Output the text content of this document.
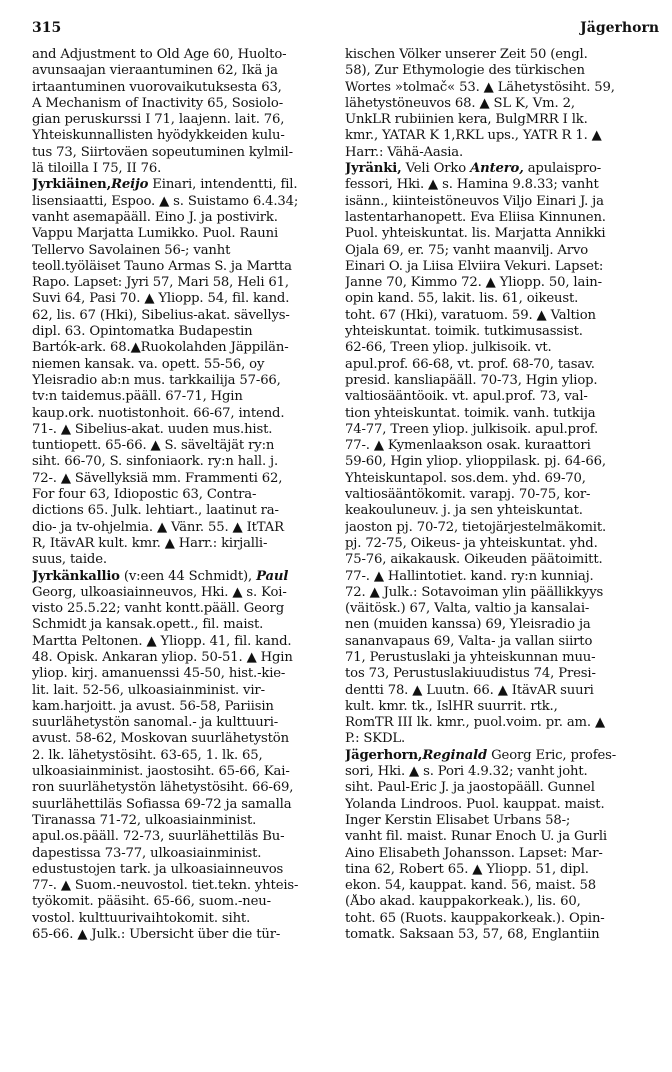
315	Jägerhorn
and Adjustment to Old Age 60, Huolto-
avunsaajan vieraantuminen 62, Ikä ja
irtaantuminen vuorovaikutuksesta 63,
A Mechanism of Inactivity 65, Sosiolo-
gian peruskurssi I 71, laajenn. lait. 76,
Yhteiskunnallisten hyödykkeiden kulu-
tus 73, Siirtoväen sopeutuminen kylmil-
lä tiloilla I 75, II 76.
Jyrkiäinen,Reijo Einari, intendentti, fil.
lisensiaatti, Espoo. ▲ s. Suistamo 6.4.34;
vanht asemapääll. Eino J. ja postivirk.
Vappu Marjatta Lumikko. Puol. Rauni
Tellervo Savolainen 56-; vanht
teoll.työläiset Tauno Armas S. ja Martta
Rapo. Lapset: Jyri 57, Mari 58, Heli 61,
Suvi 64, Pasi 70. ▲ Yliopp. 54, fil. kand.
62, lis. 67 (Hki), Sibelius-akat. sävellys-
dipl. 63. Opintomatka Budapestin
Bartók-ark. 68.▲Ruokolahden Jäppilän-
niemen kansak. va. opett. 55-56, oy
Yleisradio ab:n mus. tarkkailija 57-66,
tv:n taidemus.pääll. 67-71, Hgin
kaup.ork. nuotistonhoit. 66-67, intend.
71-. ▲ Sibelius-akat. uuden mus.hist.
tuntiopett. 65-66. ▲ S. säveltäjät ry:n
siht. 66-70, S. sinfoniaork. ry:n hall. j.
72-. ▲ Sävellyksiä mm. Frammenti 62,
For four 63, Idiopostic 63, Contra-
dictions 65. Julk. lehtiart., laatinut ra-
dio- ja tv-ohjelmia. ▲ Vänr. 55. ▲ ItTAR
R, ItävAR kult. kmr. ▲ Harr.: kirjalli-
suus, taide.
Jyrkänkallio (v:een 44 Schmidt), Paul
Georg, ulkoasiainneuvos, Hki. ▲ s. Koi-
visto 25.5.22; vanht kontt.pääll. Georg
Schmidt ja kansak.opett., fil. maist.
Martta Peltonen. ▲ Yliopp. 41, fil. kand.
48. Opisk. Ankaran yliop. 50-51. ▲ Hgin
yliop. kirj. amanuenssi 45-50, hist.-kie-
lit. lait. 52-56, ulkoasiainminist. vir-
kam.harjoitt. ja avust. 56-58, Pariisin
suurlähetystön sanomal.- ja kulttuuri-
avust. 58-62, Moskovan suurlähetystön
2. lk. lähetystösiht. 63-65, 1. lk. 65,
ulkoasiainminist. jaostosiht. 65-66, Kai-
ron suurlähetystön lähetystösiht. 66-69,
suurlähettiläs Sofiassa 69-72 ja samalla
Tiranassa 71-72, ulkoasiainminist.
apul.os.pääll. 72-73, suurlähettiläs Bu-
dapestissa 73-77, ulkoasiainminist.
edustustojen tark. ja ulkoasiainneuvos
77-. ▲ Suom.-neuvostol. tiet.tekn. yhteis-
työkomit. pääsiht. 65-66, suom.-neu-
vostol. kulttuurivaihtokomit. siht.
65-66. ▲ Julk.: Übersicht über die tür-
kischen Völker unserer Zeit 50 (engl.
58), Zur Ethymologie des türkischen
Wortes »tolmač« 53. ▲ Lähetystösiht. 59,
lähetystöneuvos 68. ▲ SL K, Vm. 2,
UnkLR rubiinien kera, BulgMRR I lk.
kmr., YATAR K 1,RKL ups., YATR R 1. ▲
Harr.: Vähä-Aasia.
Jyränki, Veli Orko Antero, apulaispro-
fessori, Hki. ▲ s. Hamina 9.8.33; vanht
isänn., kiinteistöneuvos Viljo Einari J. ja
lastentarhanopett. Eva Eliisa Kinnunen.
Puol. yhteiskuntat. lis. Marjatta Annikki
Ojala 69, er. 75; vanht maanvilj. Arvo
Einari O. ja Liisa Elviira Vekuri. Lapset:
Janne 70, Kimmo 72. ▲ Yliopp. 50, lain-
opin kand. 55, lakit. lis. 61, oikeust.
toht. 67 (Hki), varatuom. 59. ▲ Valtion
yhteiskuntat. toimik. tutkimusassist.
62-66, Treen yliop. julkisoik. vt.
apul.prof. 66-68, vt. prof. 68-70, tasav.
presid. kansliapääll. 70-73, Hgin yliop.
valtiosääntöoik. vt. apul.prof. 73, val-
tion yhteiskuntat. toimik. vanh. tutkija
74-77, Treen yliop. julkisoik. apul.prof.
77-. ▲ Kymenlaakson osak. kuraattori
59-60, Hgin yliop. ylioppilask. pj. 64-66,
Yhteiskuntapol. sos.dem. yhd. 69-70,
valtiosääntökomit. varapj. 70-75, kor-
keakouluneuv. j. ja sen yhteiskuntat.
jaoston pj. 70-72, tietojärjestelmäkomit.
pj. 72-75, Oikeus- ja yhteiskuntat. yhd.
75-76, aikakausk. Oikeuden päätoimitt.
77-. ▲ Hallintotiet. kand. ry:n kunniaj.
72. ▲ Julk.: Sotavoiman ylin päällikkyys
(väitösk.) 67, Valta, valtio ja kansalai-
nen (muiden kanssa) 69, Yleisradio ja
sananvapaus 69, Valta- ja vallan siirto
71, Perustuslaki ja yhteiskunnan muu-
tos 73, Perustuslakiuudistus 74, Presi-
dentti 78. ▲ Luutn. 66. ▲ ItävAR suuri
kult. kmr. tk., IslHR suurrit. rtk.,
RomTR III lk. kmr., puol.voim. pr. am. ▲
P.: SKDL.
Jägerhorn,Reginald Georg Eric, profes-
sori, Hki. ▲ s. Pori 4.9.32; vanht joht.
siht. Paul-Eric J. ja jaostopääll. Gunnel
Yolanda Lindroos. Puol. kauppat. maist.
Inger Kerstin Elisabet Urbans 58-;
vanht fil. maist. Runar Enoch U. ja Gurli
Aino Elisabeth Johansson. Lapset: Mar-
tina 62, Robert 65. ▲ Yliopp. 51, dipl.
ekon. 54, kauppat. kand. 56, maist. 58
(Åbo akad. kauppakorkeak.), lis. 60,
toht. 65 (Ruots. kauppakorkeak.). Opin-
tomatk. Saksaan 53, 57, 68, Englantiin
